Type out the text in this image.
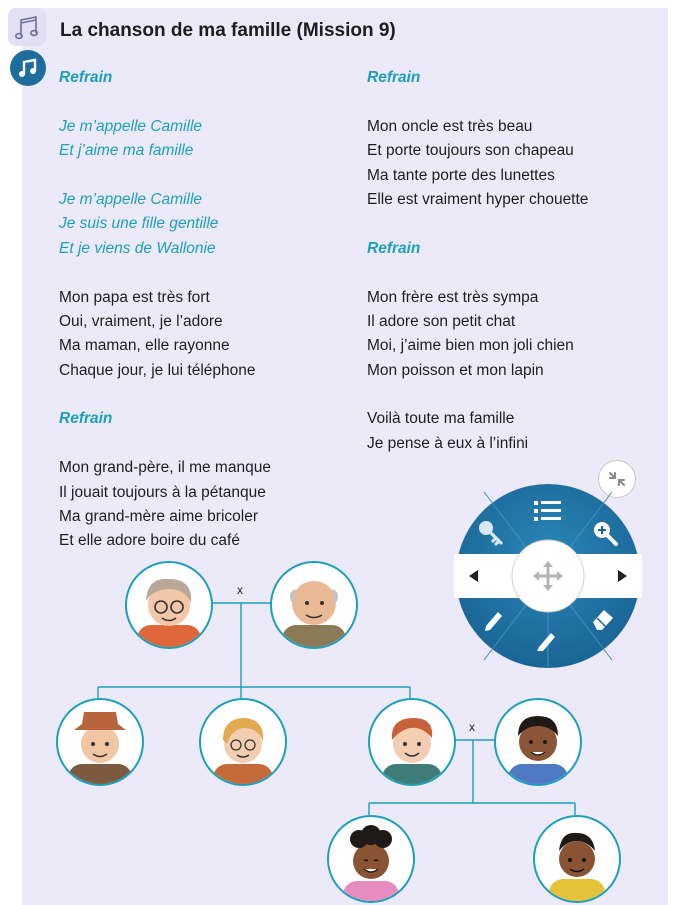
La chanson de ma famille (Mission 9)
Refrain
Je m’appelle Camille
Et j’aime ma famille
Je m’appelle Camille
Je suis une fille gentille
Et je viens de Wallonie
Mon papa est très fort
Oui, vraiment, je l’adore
Ma maman, elle rayonne
Chaque jour, je lui téléphone
Refrain
Mon grand-père, il me manque
Il jouait toujours à la pétanque
Ma grand-mère aime bricoler
Et elle adore boire du café
Refrain
Mon oncle est très beau
Et porte toujours son chapeau
Ma tante porte des lunettes
Elle est vraiment hyper chouette
Refrain
Mon frère est très sympa
Il adore son petit chat
Moi, j’aime bien mon joli chien
Mon poisson et mon lapin
Voilà toute ma famille
Je pense à eux à l’infini
x
x
